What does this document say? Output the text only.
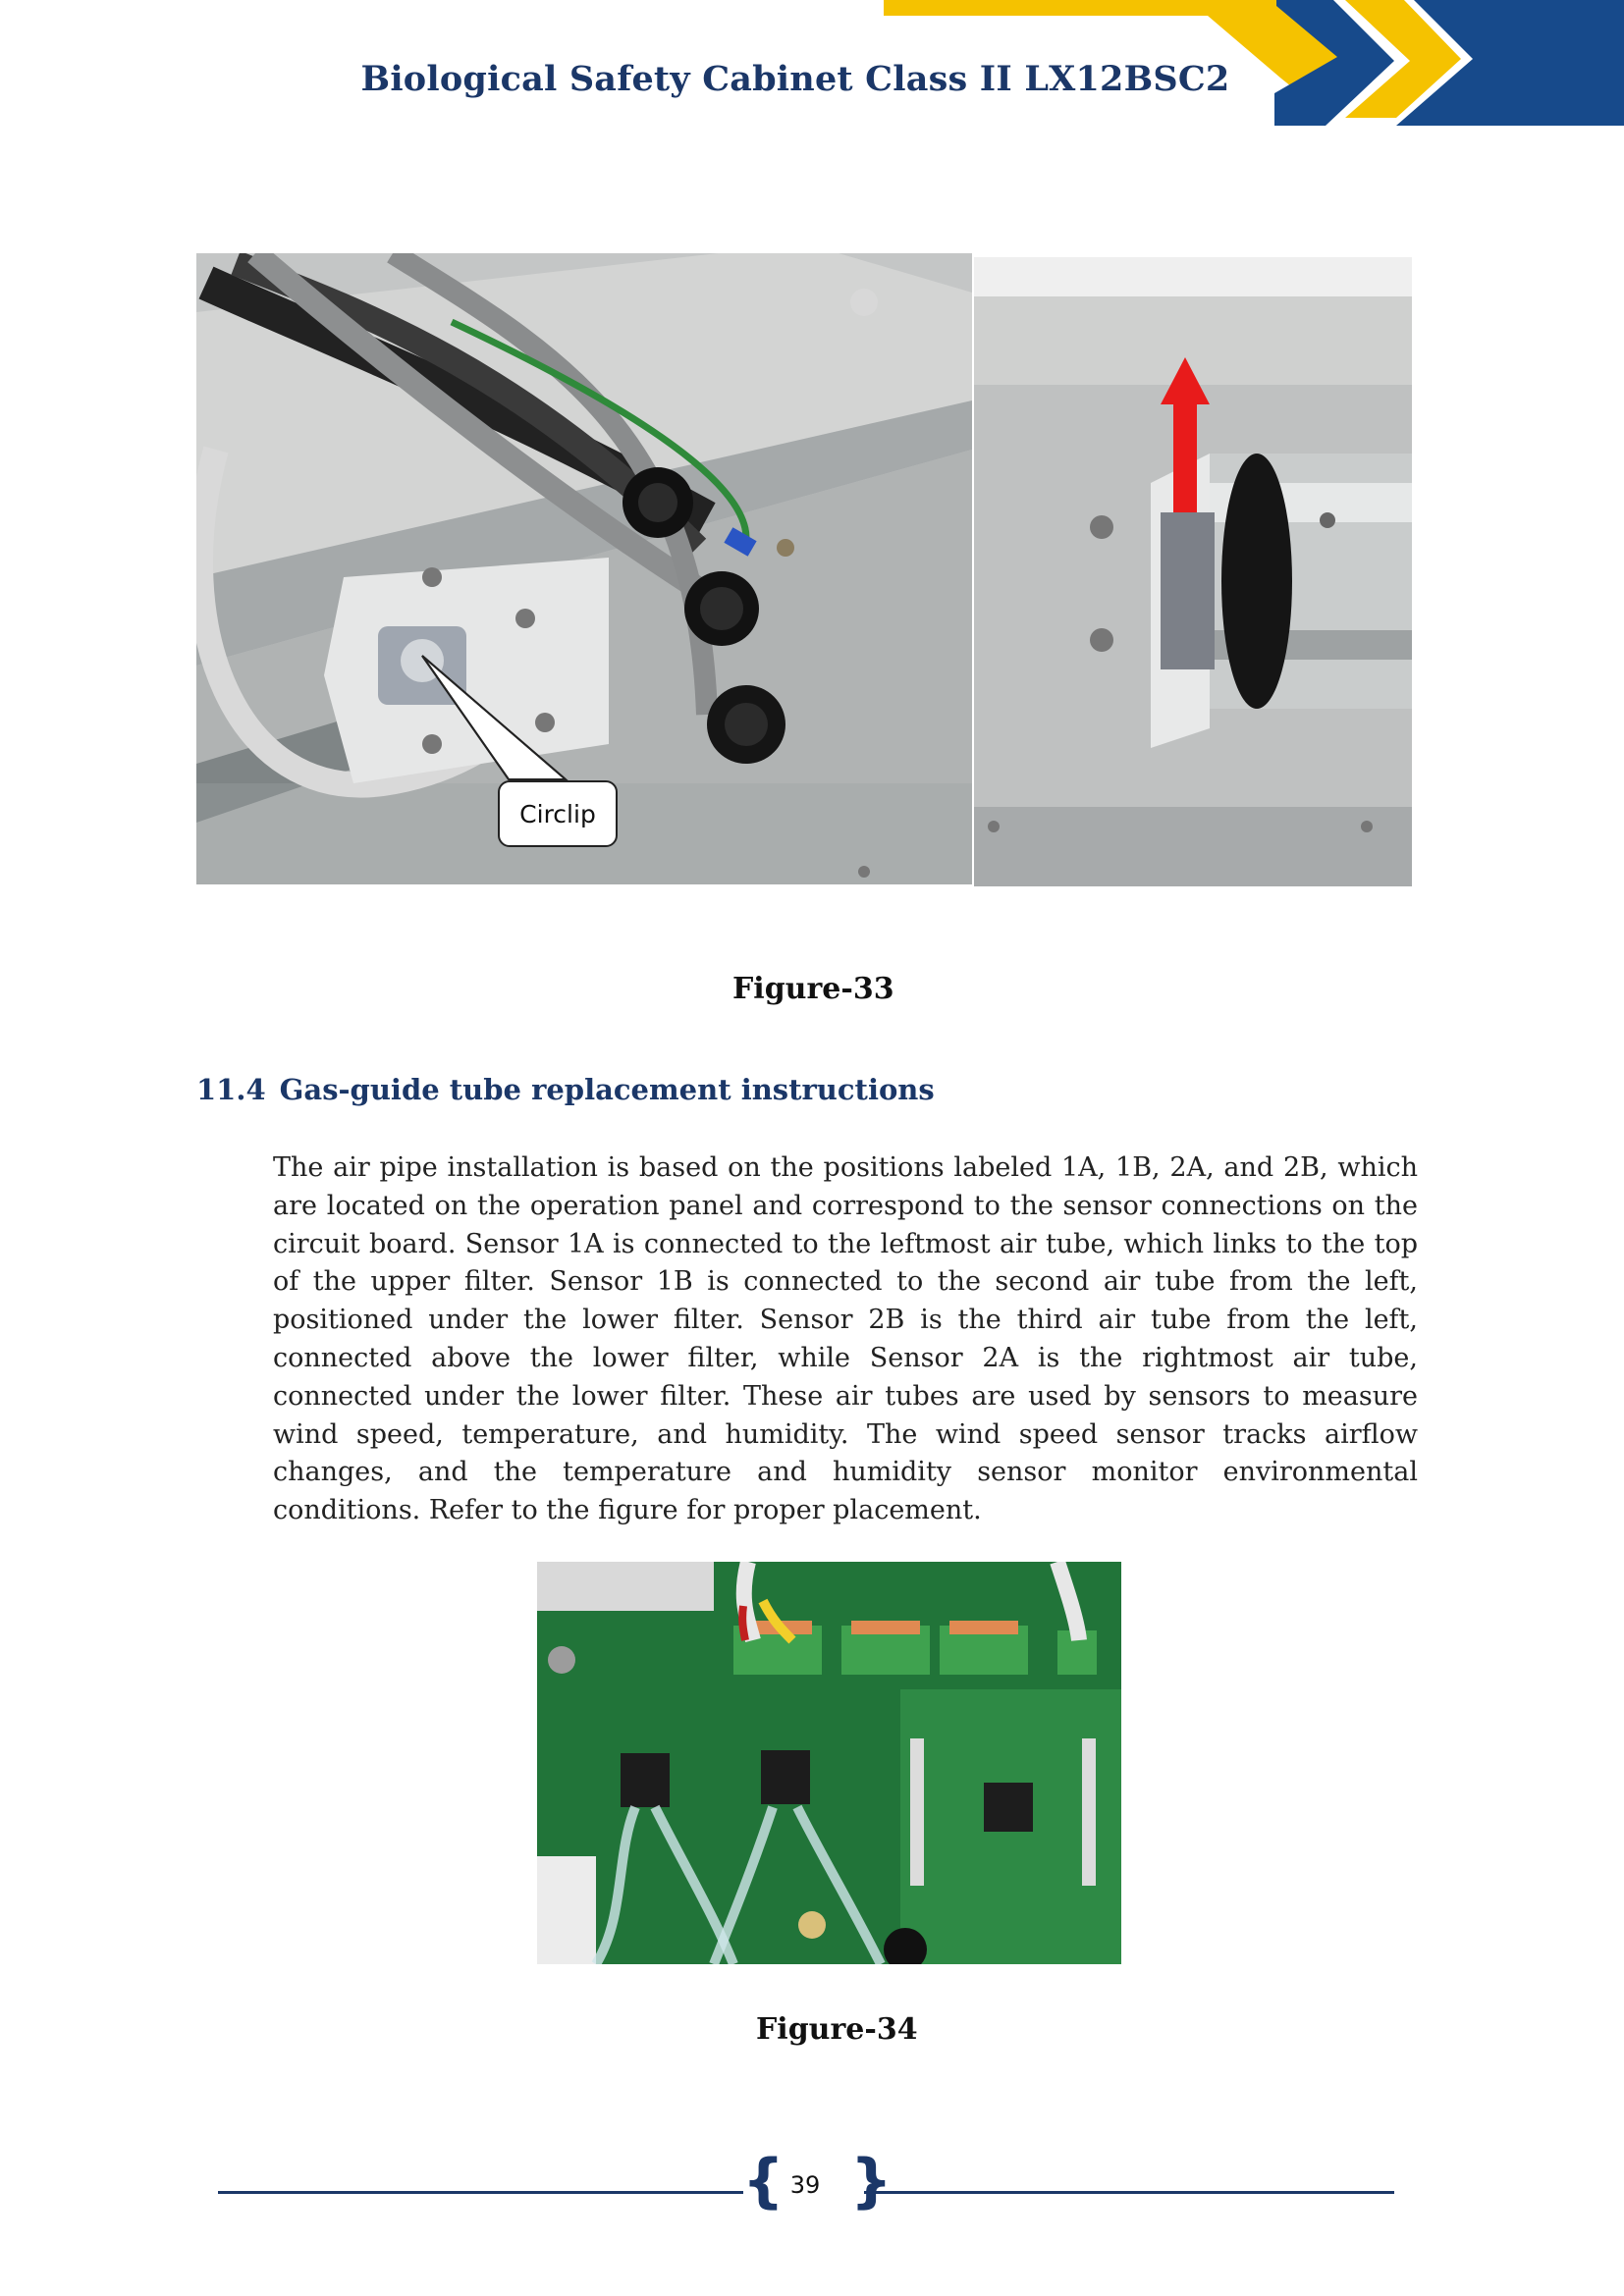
Biological Safety Cabinet Class II LX12BSC2
Circlip
Figure-33
11.4 Gas-guide tube replacement instructions
The air pipe installation is based on the positions labeled 1A, 1B, 2A, and 2B, which are located on the operation panel and correspond to the sensor connections on the circuit board. Sensor 1A is connected to the leftmost air tube, which links to the top of the upper filter. Sensor 1B is connected to the second air tube from the left, positioned under the lower filter. Sensor 2B is the third air tube from the left, connected above the lower filter, while Sensor 2A is the rightmost air tube, connected under the lower filter. These air tubes are used by sensors to measure wind speed, temperature, and humidity. The wind speed sensor tracks airflow changes, and the temperature and humidity sensor monitor environmental conditions. Refer to the figure for proper placement.
Figure-34
{ }
39
